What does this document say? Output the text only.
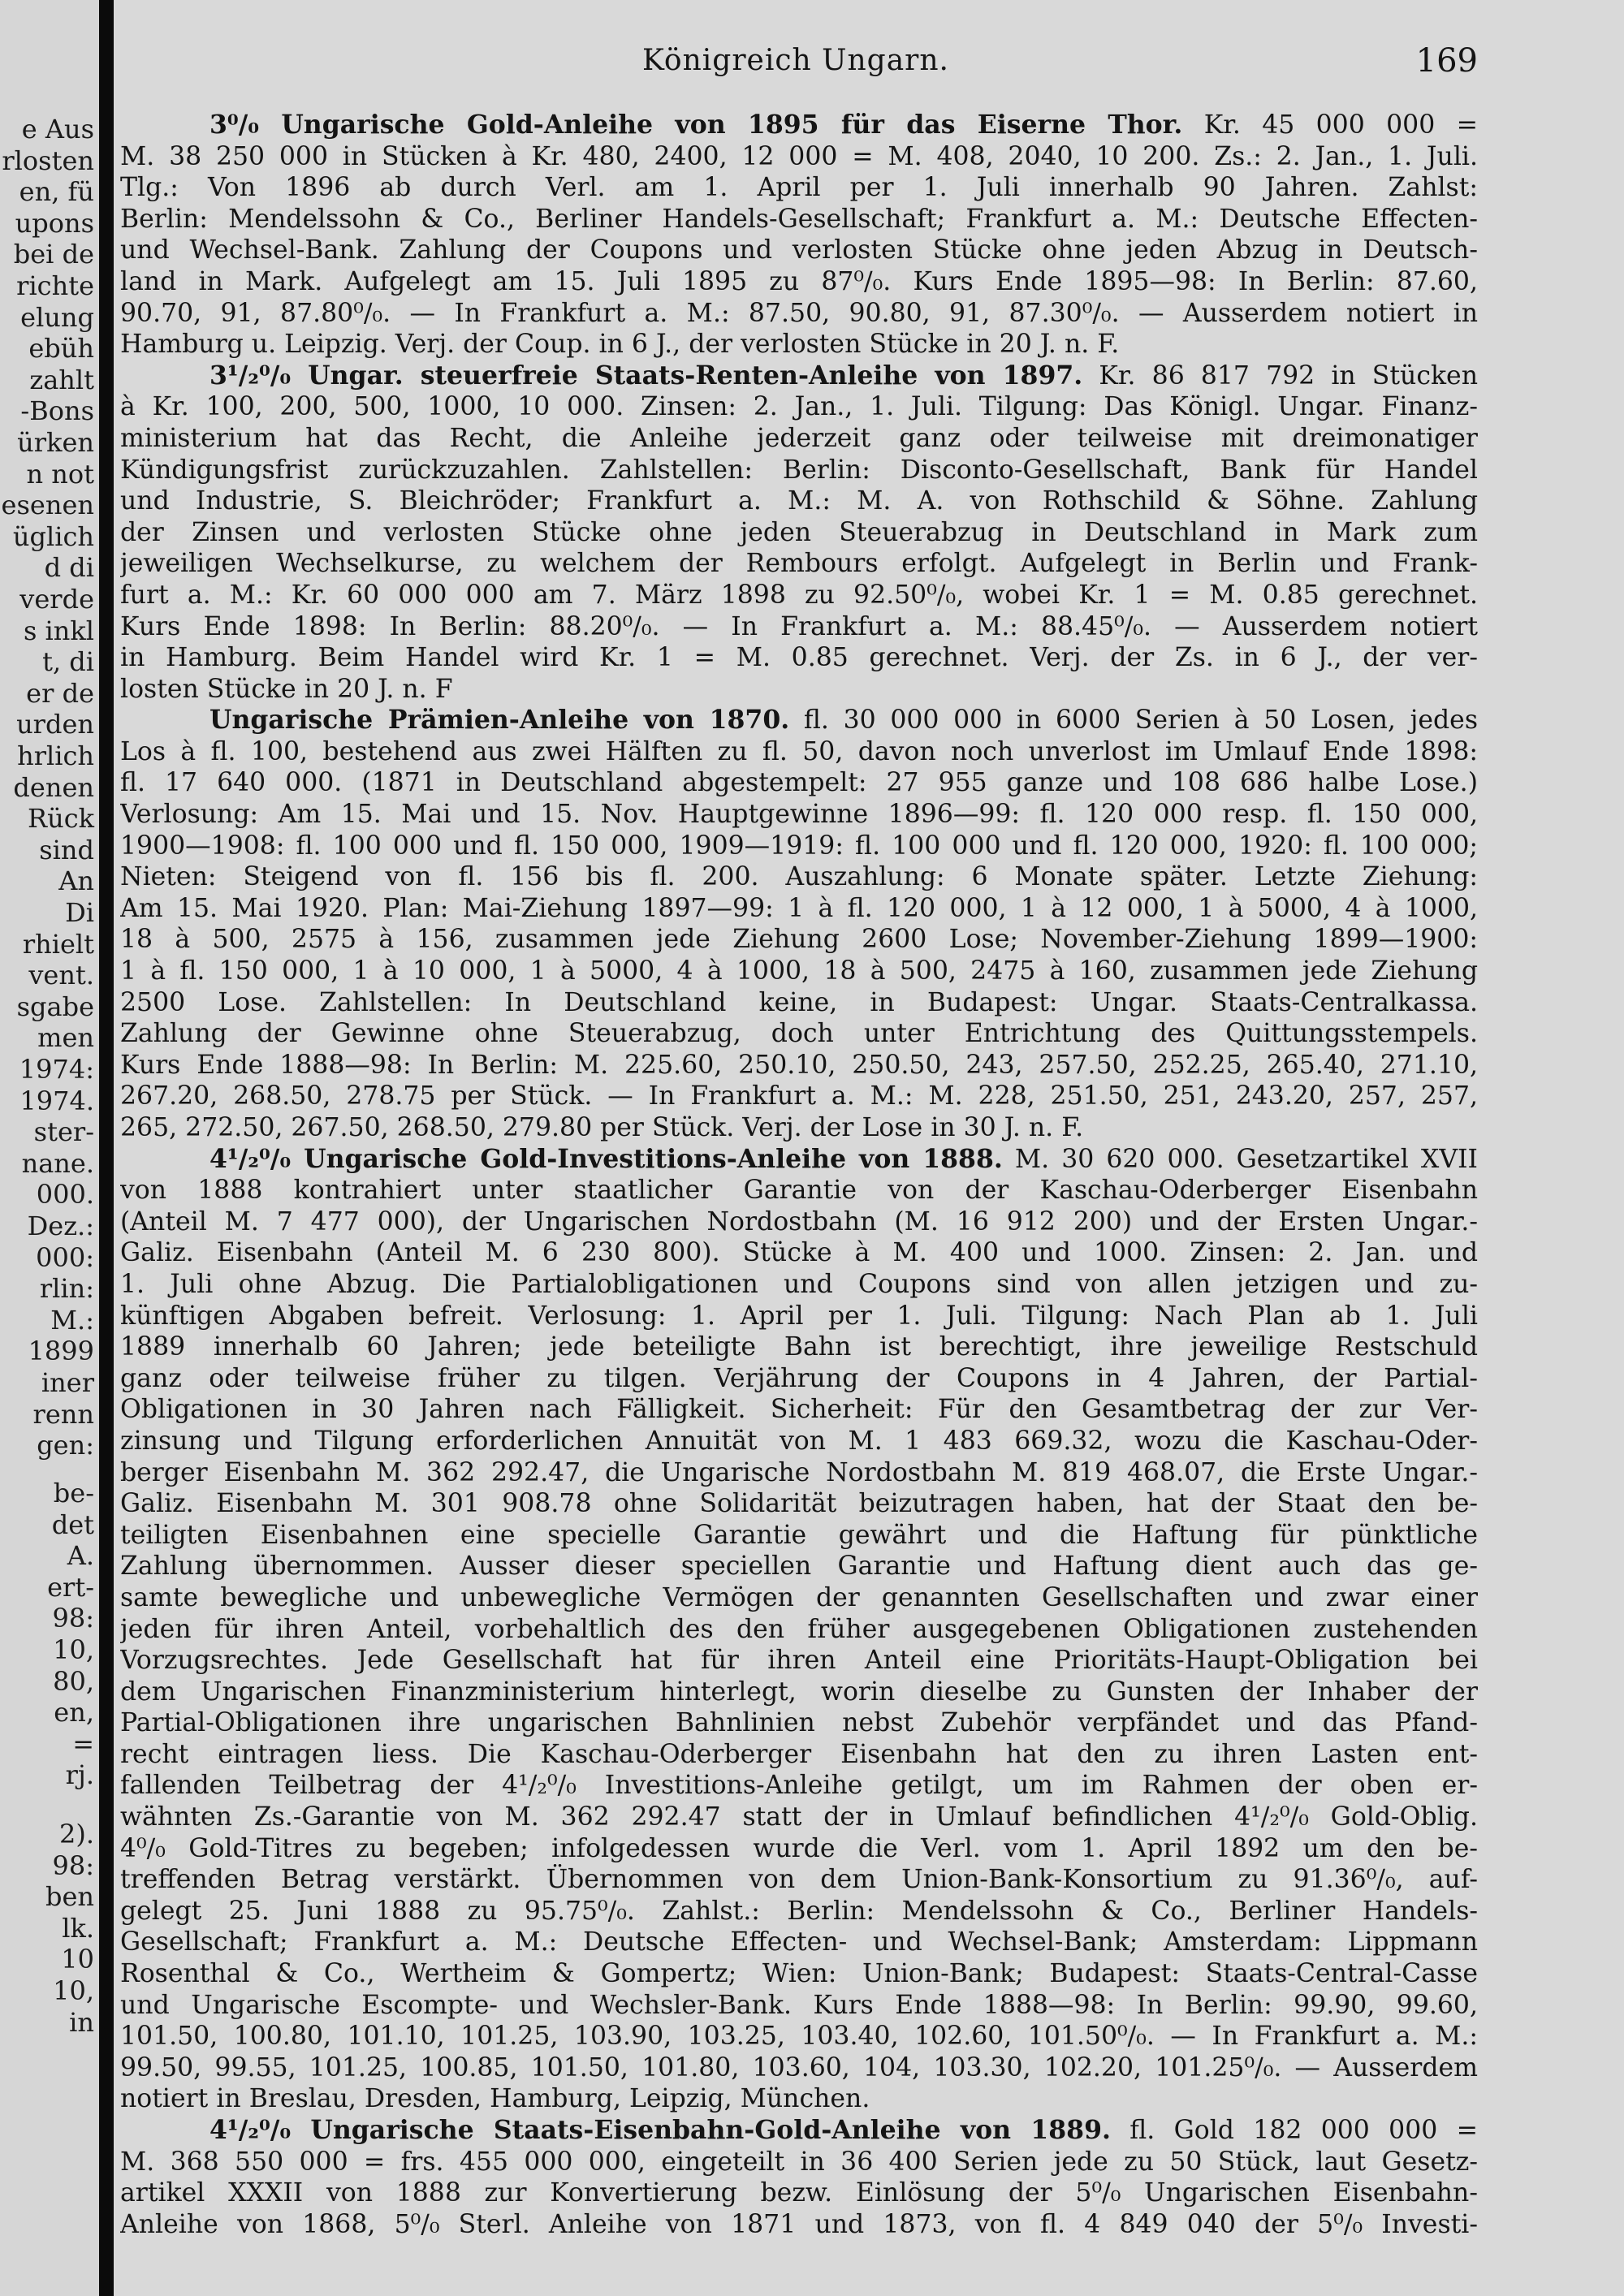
e Aus
rlosten
en, fü
upons
bei de
richte
elung
ebüh
zahlt
-Bons
ürken
n not
esenen
üglich
d di
verde
s inkl
t, di
er de
urden
hrlich
denen
Rück
sind
An
Di
rhielt
vent.
sgabe
men
1974:
1974.
ster-
nane.
000.
Dez.:
000:
rlin:
M.:
1899
iner
renn
gen:
be-
det
A.
ert-
98:
10,
80,
en,
=
rj.
2).
98:
ben
lk.
10
10,
in
Königreich Ungarn.	169
3⁰/₀ Ungarische Gold-Anleihe von 1895 für das Eiserne Thor. Kr. 45 000 000 =
M. 38 250 000 in Stücken à Kr. 480, 2400, 12 000 = M. 408, 2040, 10 200. Zs.: 2. Jan., 1. Juli.
Tlg.: Von 1896 ab durch Verl. am 1. April per 1. Juli innerhalb 90 Jahren. Zahlst:
Berlin: Mendelssohn & Co., Berliner Handels-Gesellschaft; Frankfurt a. M.: Deutsche Effecten-
und Wechsel-Bank. Zahlung der Coupons und verlosten Stücke ohne jeden Abzug in Deutsch-
land in Mark. Aufgelegt am 15. Juli 1895 zu 87⁰/₀. Kurs Ende 1895—98: In Berlin: 87.60,
90.70, 91, 87.80⁰/₀. — In Frankfurt a. M.: 87.50, 90.80, 91, 87.30⁰/₀. — Ausserdem notiert in
Hamburg u. Leipzig. Verj. der Coup. in 6 J., der verlosten Stücke in 20 J. n. F.
3¹/₂⁰/₀ Ungar. steuerfreie Staats-Renten-Anleihe von 1897. Kr. 86 817 792 in Stücken
à Kr. 100, 200, 500, 1000, 10 000. Zinsen: 2. Jan., 1. Juli. Tilgung: Das Königl. Ungar. Finanz-
ministerium hat das Recht, die Anleihe jederzeit ganz oder teilweise mit dreimonatiger
Kündigungsfrist zurückzuzahlen. Zahlstellen: Berlin: Disconto-Gesellschaft, Bank für Handel
und Industrie, S. Bleichröder; Frankfurt a. M.: M. A. von Rothschild & Söhne. Zahlung
der Zinsen und verlosten Stücke ohne jeden Steuerabzug in Deutschland in Mark zum
jeweiligen Wechselkurse, zu welchem der Rembours erfolgt. Aufgelegt in Berlin und Frank-
furt a. M.: Kr. 60 000 000 am 7. März 1898 zu 92.50⁰/₀, wobei Kr. 1 = M. 0.85 gerechnet.
Kurs Ende 1898: In Berlin: 88.20⁰/₀. — In Frankfurt a. M.: 88.45⁰/₀. — Ausserdem notiert
in Hamburg. Beim Handel wird Kr. 1 = M. 0.85 gerechnet. Verj. der Zs. in 6 J., der ver-
losten Stücke in 20 J. n. F
Ungarische Prämien-Anleihe von 1870. fl. 30 000 000 in 6000 Serien à 50 Losen, jedes
Los à fl. 100, bestehend aus zwei Hälften zu fl. 50, davon noch unverlost im Umlauf Ende 1898:
fl. 17 640 000. (1871 in Deutschland abgestempelt: 27 955 ganze und 108 686 halbe Lose.)
Verlosung: Am 15. Mai und 15. Nov. Hauptgewinne 1896—99: fl. 120 000 resp. fl. 150 000,
1900—1908: fl. 100 000 und fl. 150 000, 1909—1919: fl. 100 000 und fl. 120 000, 1920: fl. 100 000;
Nieten: Steigend von fl. 156 bis fl. 200. Auszahlung: 6 Monate später. Letzte Ziehung:
Am 15. Mai 1920. Plan: Mai-Ziehung 1897—99: 1 à fl. 120 000, 1 à 12 000, 1 à 5000, 4 à 1000,
18 à 500, 2575 à 156, zusammen jede Ziehung 2600 Lose; November-Ziehung 1899—1900:
1 à fl. 150 000, 1 à 10 000, 1 à 5000, 4 à 1000, 18 à 500, 2475 à 160, zusammen jede Ziehung
2500 Lose. Zahlstellen: In Deutschland keine, in Budapest: Ungar. Staats-Centralkassa.
Zahlung der Gewinne ohne Steuerabzug, doch unter Entrichtung des Quittungsstempels.
Kurs Ende 1888—98: In Berlin: M. 225.60, 250.10, 250.50, 243, 257.50, 252.25, 265.40, 271.10,
267.20, 268.50, 278.75 per Stück. — In Frankfurt a. M.: M. 228, 251.50, 251, 243.20, 257, 257,
265, 272.50, 267.50, 268.50, 279.80 per Stück. Verj. der Lose in 30 J. n. F.
4¹/₂⁰/₀ Ungarische Gold-Investitions-Anleihe von 1888. M. 30 620 000. Gesetzartikel XVII
von 1888 kontrahiert unter staatlicher Garantie von der Kaschau-Oderberger Eisenbahn
(Anteil M. 7 477 000), der Ungarischen Nordostbahn (M. 16 912 200) und der Ersten Ungar.-
Galiz. Eisenbahn (Anteil M. 6 230 800). Stücke à M. 400 und 1000. Zinsen: 2. Jan. und
1. Juli ohne Abzug. Die Partialobligationen und Coupons sind von allen jetzigen und zu-
künftigen Abgaben befreit. Verlosung: 1. April per 1. Juli. Tilgung: Nach Plan ab 1. Juli
1889 innerhalb 60 Jahren; jede beteiligte Bahn ist berechtigt, ihre jeweilige Restschuld
ganz oder teilweise früher zu tilgen. Verjährung der Coupons in 4 Jahren, der Partial-
Obligationen in 30 Jahren nach Fälligkeit. Sicherheit: Für den Gesamtbetrag der zur Ver-
zinsung und Tilgung erforderlichen Annuität von M. 1 483 669.32, wozu die Kaschau-Oder-
berger Eisenbahn M. 362 292.47, die Ungarische Nordostbahn M. 819 468.07, die Erste Ungar.-
Galiz. Eisenbahn M. 301 908.78 ohne Solidarität beizutragen haben, hat der Staat den be-
teiligten Eisenbahnen eine specielle Garantie gewährt und die Haftung für pünktliche
Zahlung übernommen. Ausser dieser speciellen Garantie und Haftung dient auch das ge-
samte bewegliche und unbewegliche Vermögen der genannten Gesellschaften und zwar einer
jeden für ihren Anteil, vorbehaltlich des den früher ausgegebenen Obligationen zustehenden
Vorzugsrechtes. Jede Gesellschaft hat für ihren Anteil eine Prioritäts-Haupt-Obligation bei
dem Ungarischen Finanzministerium hinterlegt, worin dieselbe zu Gunsten der Inhaber der
Partial-Obligationen ihre ungarischen Bahnlinien nebst Zubehör verpfändet und das Pfand-
recht eintragen liess. Die Kaschau-Oderberger Eisenbahn hat den zu ihren Lasten ent-
fallenden Teilbetrag der 4¹/₂⁰/₀ Investitions-Anleihe getilgt, um im Rahmen der oben er-
wähnten Zs.-Garantie von M. 362 292.47 statt der in Umlauf befindlichen 4¹/₂⁰/₀ Gold-Oblig.
4⁰/₀ Gold-Titres zu begeben; infolgedessen wurde die Verl. vom 1. April 1892 um den be-
treffenden Betrag verstärkt. Übernommen von dem Union-Bank-Konsortium zu 91.36⁰/₀, auf-
gelegt 25. Juni 1888 zu 95.75⁰/₀. Zahlst.: Berlin: Mendelssohn & Co., Berliner Handels-
Gesellschaft; Frankfurt a. M.: Deutsche Effecten- und Wechsel-Bank; Amsterdam: Lippmann
Rosenthal & Co., Wertheim & Gompertz; Wien: Union-Bank; Budapest: Staats-Central-Casse
und Ungarische Escompte- und Wechsler-Bank. Kurs Ende 1888—98: In Berlin: 99.90, 99.60,
101.50, 100.80, 101.10, 101.25, 103.90, 103.25, 103.40, 102.60, 101.50⁰/₀. — In Frankfurt a. M.:
99.50, 99.55, 101.25, 100.85, 101.50, 101.80, 103.60, 104, 103.30, 102.20, 101.25⁰/₀. — Ausserdem
notiert in Breslau, Dresden, Hamburg, Leipzig, München.
4¹/₂⁰/₀ Ungarische Staats-Eisenbahn-Gold-Anleihe von 1889. fl. Gold 182 000 000 =
M. 368 550 000 = frs. 455 000 000, eingeteilt in 36 400 Serien jede zu 50 Stück, laut Gesetz-
artikel XXXII von 1888 zur Konvertierung bezw. Einlösung der 5⁰/₀ Ungarischen Eisenbahn-
Anleihe von 1868, 5⁰/₀ Sterl. Anleihe von 1871 und 1873, von fl. 4 849 040 der 5⁰/₀ Investi-
